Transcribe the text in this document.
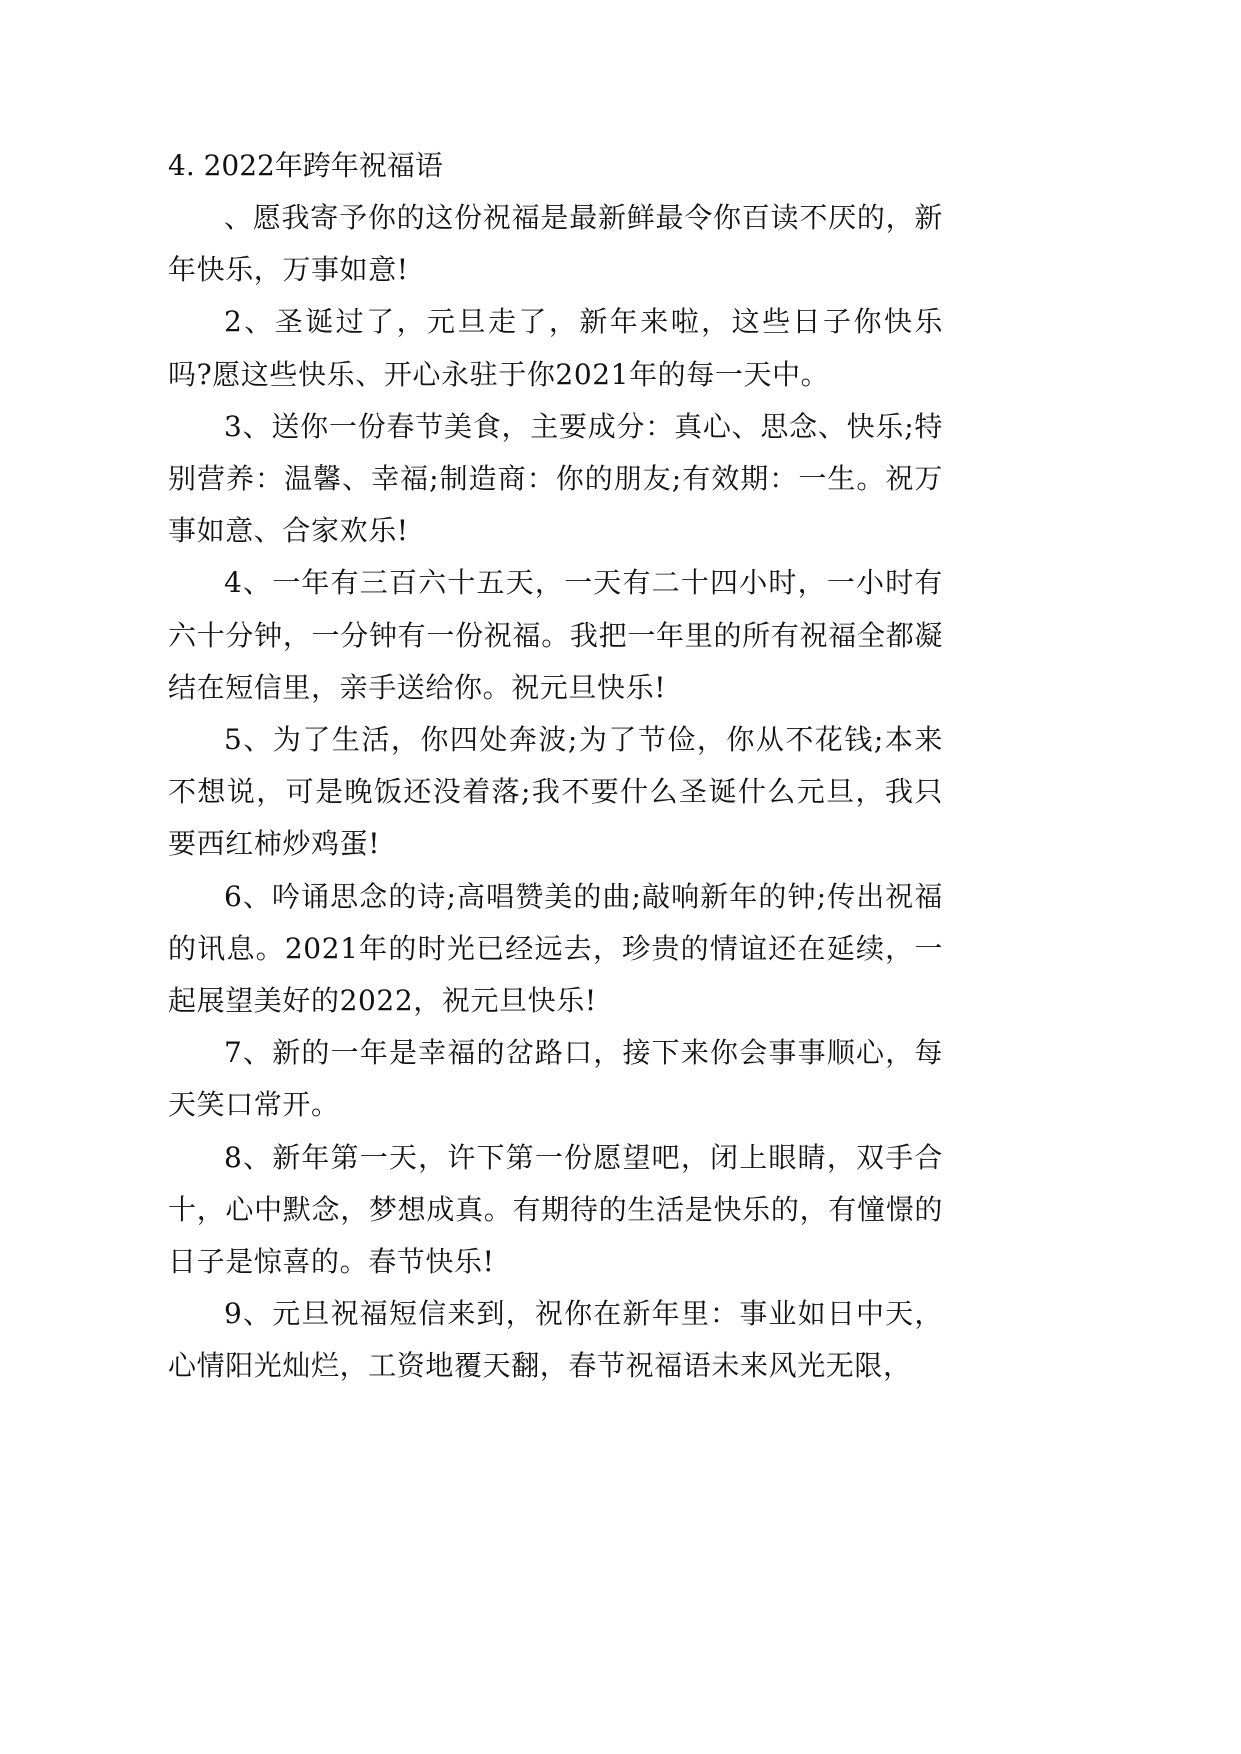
4. 2022年跨年祝福语

、愿我寄予你的这份祝福是最新鲜最令你百读不厌的，新年快乐，万事如意!

2、圣诞过了，元旦走了，新年来啦，这些日子你快乐吗?愿这些快乐、开心永驻于你2021年的每一天中。

3、送你一份春节美食，主要成分：真心、思念、快乐;特别营养：温馨、幸福;制造商：你的朋友;有效期：一生。祝万事如意、合家欢乐!

4、一年有三百六十五天，一天有二十四小时，一小时有六十分钟，一分钟有一份祝福。我把一年里的所有祝福全都凝结在短信里，亲手送给你。祝元旦快乐!

5、为了生活，你四处奔波;为了节俭，你从不花钱;本来不想说，可是晚饭还没着落;我不要什么圣诞什么元旦，我只要西红柿炒鸡蛋!

6、吟诵思念的诗;高唱赞美的曲;敲响新年的钟;传出祝福的讯息。2021年的时光已经远去，珍贵的情谊还在延续，一起展望美好的2022，祝元旦快乐!

7、新的一年是幸福的岔路口，接下来你会事事顺心，每天笑口常开。

8、新年第一天，许下第一份愿望吧，闭上眼睛，双手合十，心中默念，梦想成真。有期待的生活是快乐的，有憧憬的日子是惊喜的。春节快乐!

9、元旦祝福短信来到，祝你在新年里：事业如日中天，心情阳光灿烂，工资地覆天翻，春节祝福语未来风光无限，
